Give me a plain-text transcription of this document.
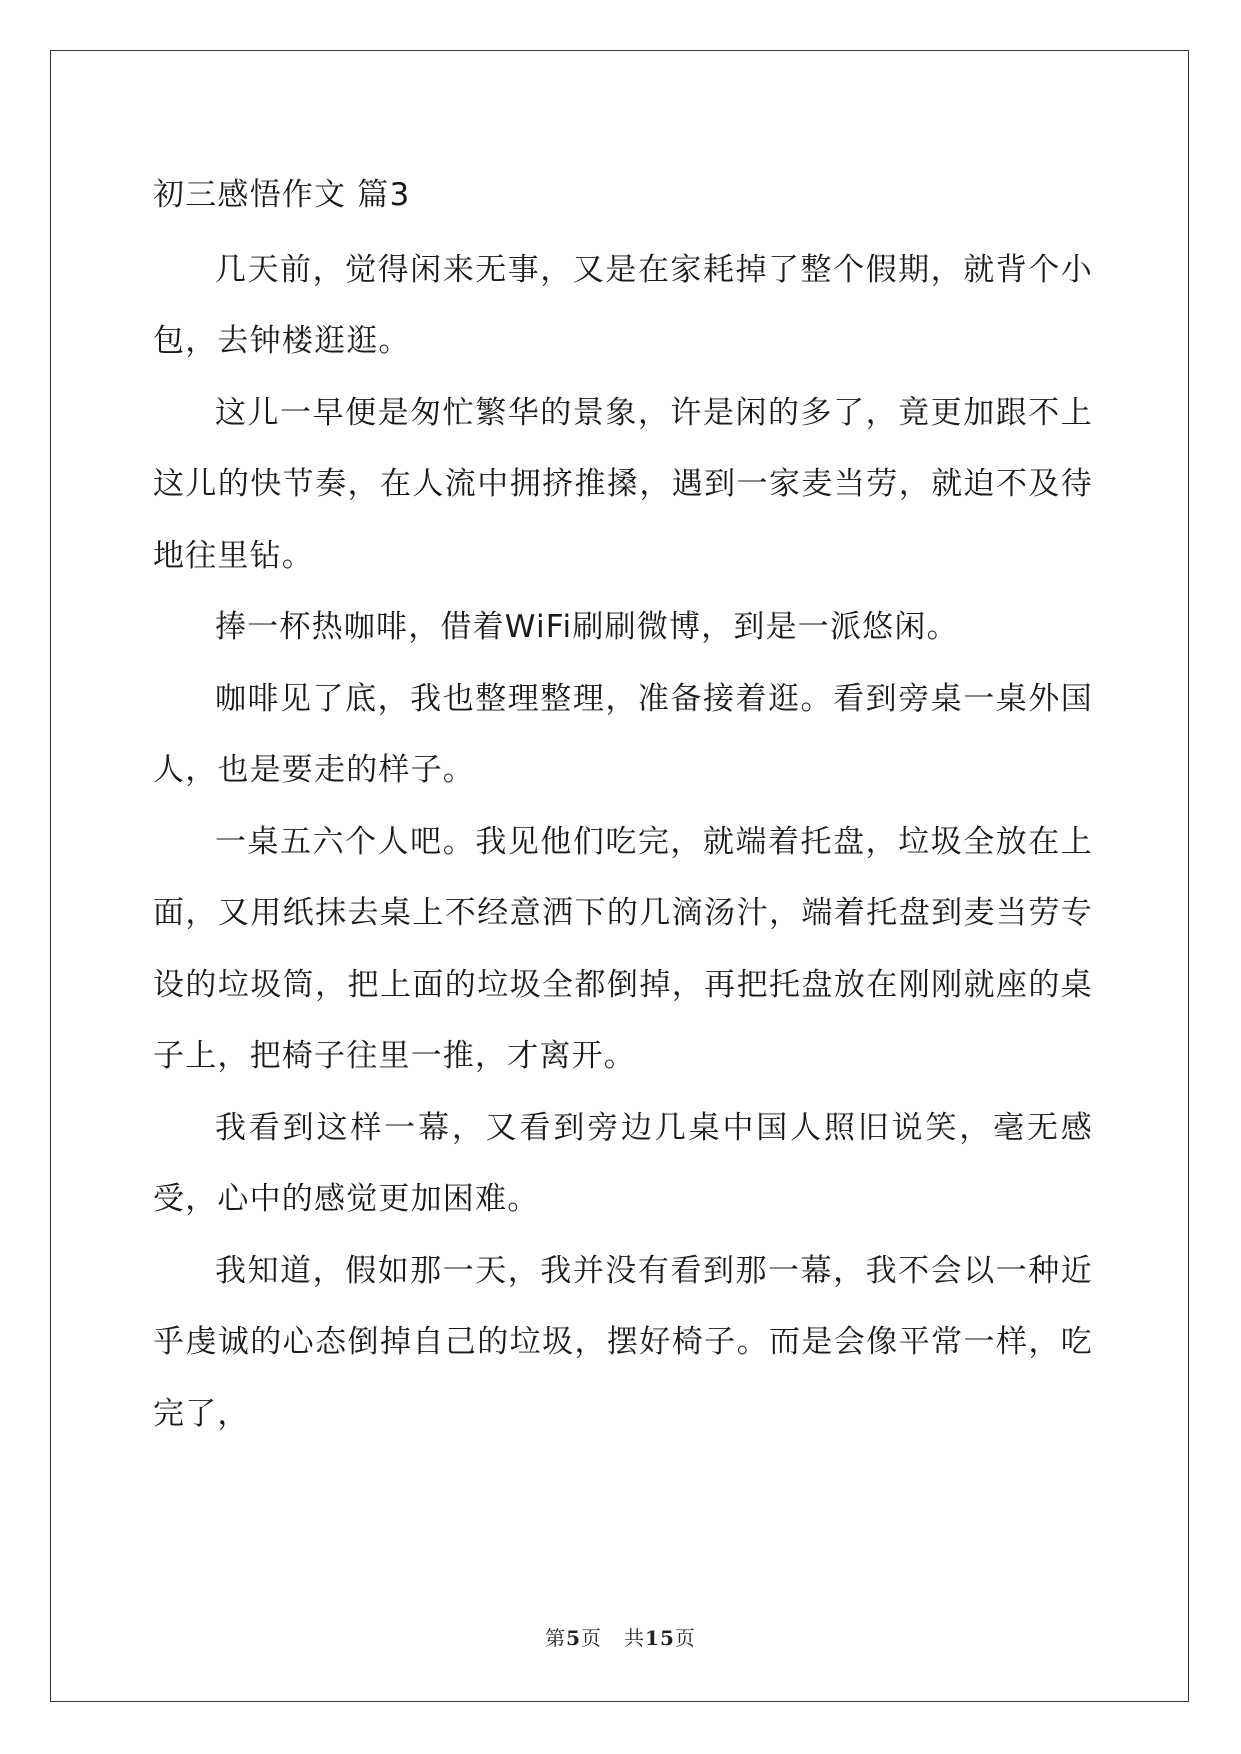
初三感悟作文 篇3

几天前，觉得闲来无事，又是在家耗掉了整个假期，就背个小包，去钟楼逛逛。

这儿一早便是匆忙繁华的景象，许是闲的多了，竟更加跟不上这儿的快节奏，在人流中拥挤推搡，遇到一家麦当劳，就迫不及待地往里钻。

捧一杯热咖啡，借着WiFi刷刷微博，到是一派悠闲。

咖啡见了底，我也整理整理，准备接着逛。看到旁桌一桌外国人，也是要走的样子。

一桌五六个人吧。我见他们吃完，就端着托盘，垃圾全放在上面，又用纸抹去桌上不经意洒下的几滴汤汁，端着托盘到麦当劳专设的垃圾筒，把上面的垃圾全都倒掉，再把托盘放在刚刚就座的桌子上，把椅子往里一推，才离开。

我看到这样一幕，又看到旁边几桌中国人照旧说笑，毫无感受，心中的感觉更加困难。

我知道，假如那一天，我并没有看到那一幕，我不会以一种近乎虔诚的心态倒掉自己的垃圾，摆好椅子。而是会像平常一样，吃完了，

第5页 共15页
